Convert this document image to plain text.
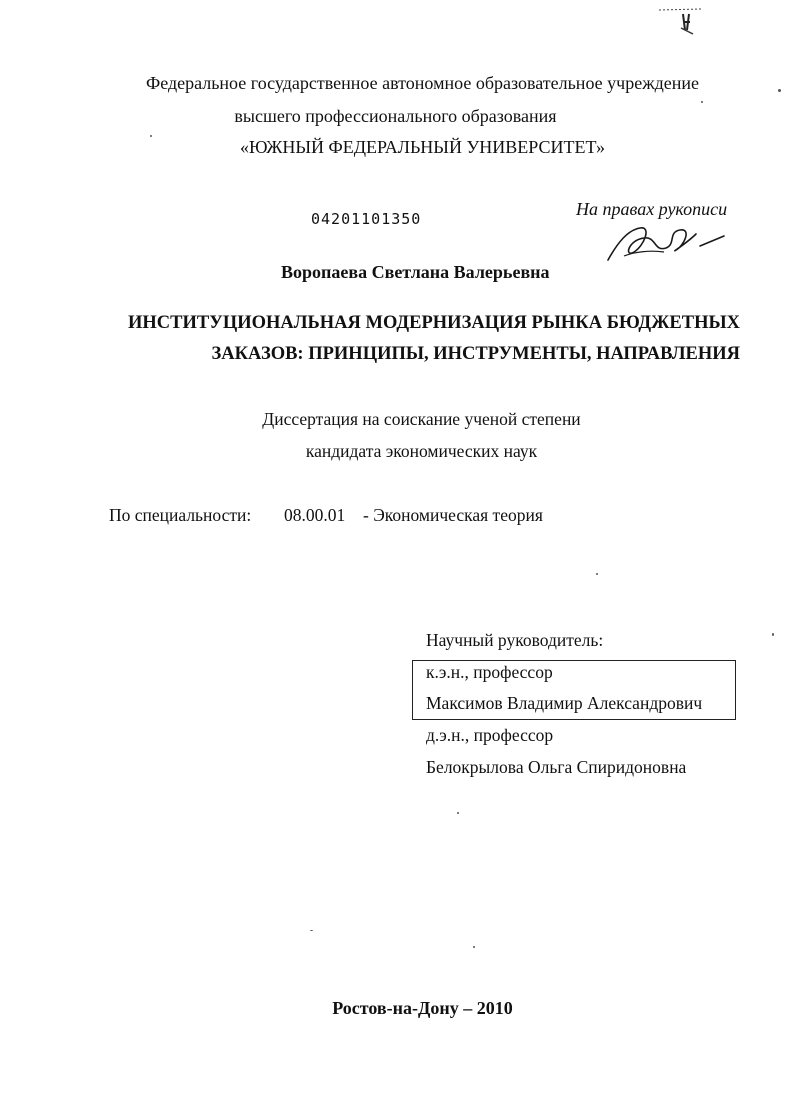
Федеральное государственное автономное образовательное учреждение
высшего профессионального образования
«ЮЖНЫЙ ФЕДЕРАЛЬНЫЙ УНИВЕРСИТЕТ»
04201101350	На правах рукописи
Воропаева Светлана Валерьевна
ИНСТИТУЦИОНАЛЬНАЯ МОДЕРНИЗАЦИЯ РЫНКА БЮДЖЕТНЫХ
ЗАКАЗОВ: ПРИНЦИПЫ, ИНСТРУМЕНТЫ, НАПРАВЛЕНИЯ
Диссертация на соискание ученой степени
кандидата экономических наук
По специальности: 08.00.01 - Экономическая теория
Научный руководитель:
к.э.н., профессор
Максимов Владимир Александрович
д.э.н., профессор
Белокрылова Ольга Спиридоновна
Ростов-на-Дону – 2010
